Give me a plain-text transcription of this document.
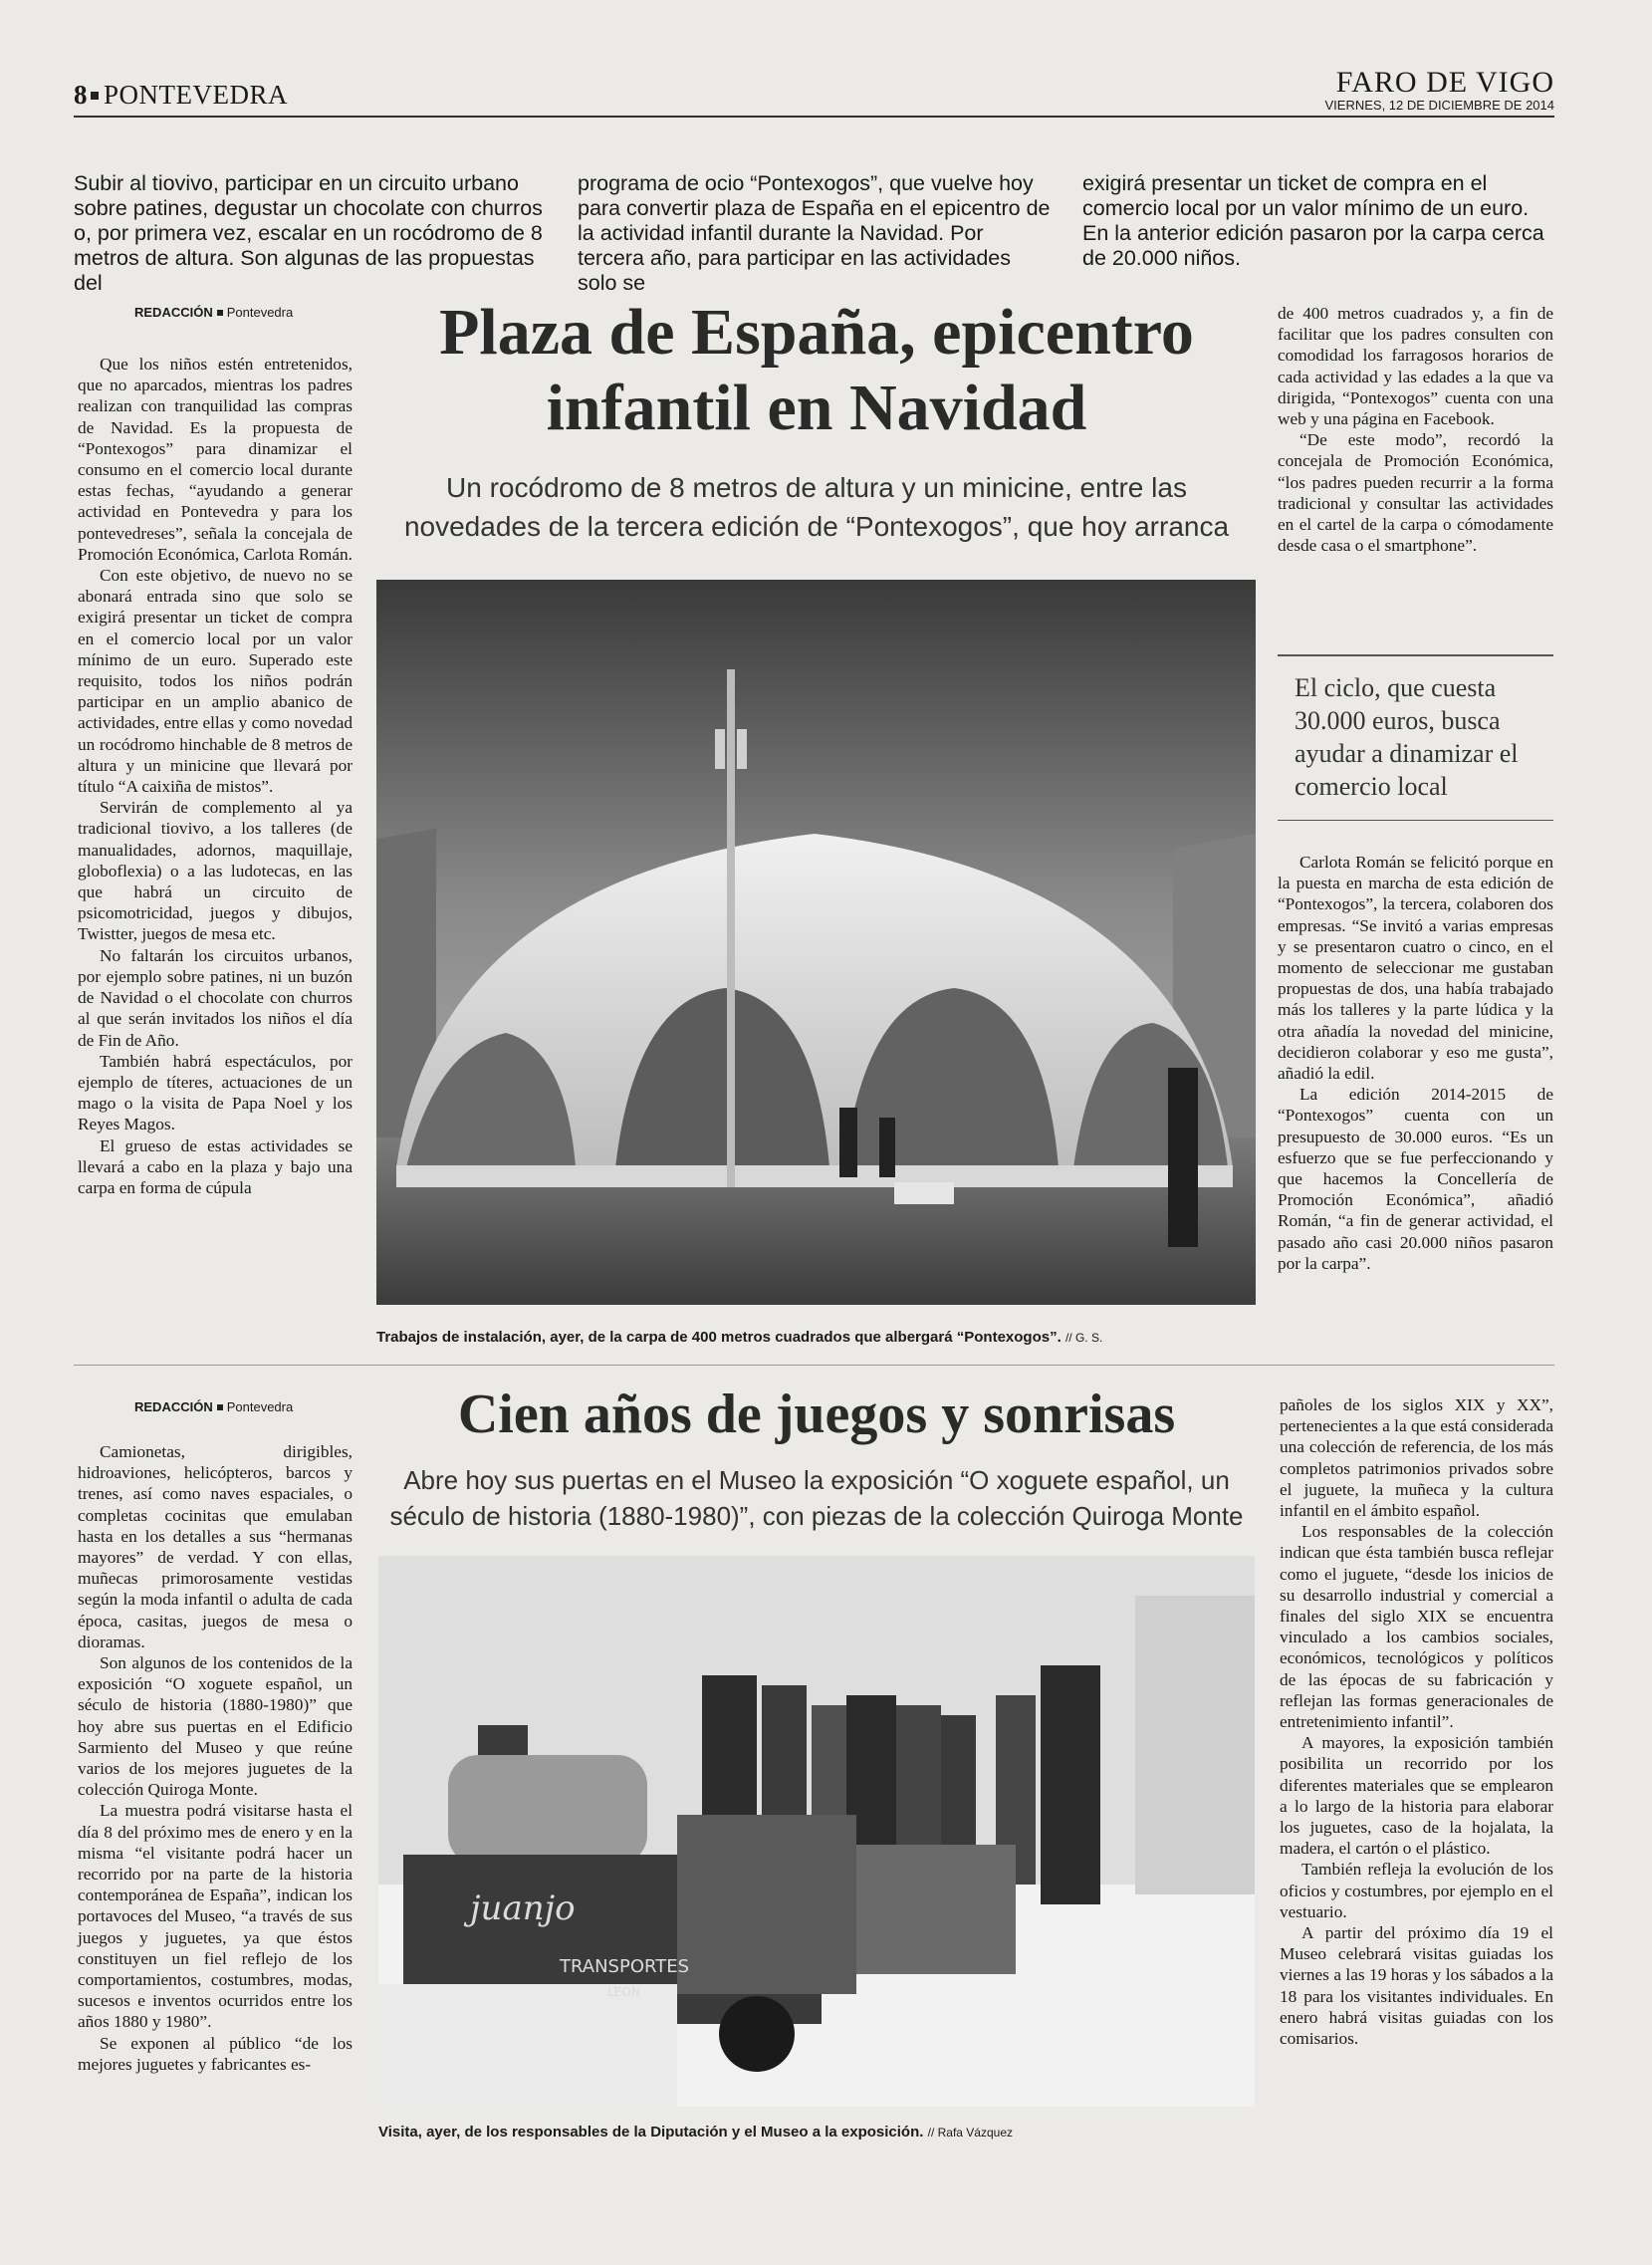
8 PONTEVEDRA	FARO DE VIGO
VIERNES, 12 DE DICIEMBRE DE 2014
Subir al tiovivo, participar en un circuito urbano sobre patines, degustar un chocolate con churros o, por primera vez, escalar en un rocódromo de 8 metros de altura. Son algunas de las propuestas del
programa de ocio “Pontexogos”, que vuelve hoy para convertir plaza de España en el epicentro de la actividad infantil durante la Navidad. Por tercera año, para participar en las actividades solo se
exigirá presentar un ticket de compra en el comercio local por un valor mínimo de un euro. En la anterior edición pasaron por la carpa cerca de 20.000 niños.
REDACCIÓN Pontevedra	Plaza de España, epicentro
infantil en Navidad
Un rocódromo de 8 metros de altura y un minicine, entre las
novedades de la tercera edición de “Pontexogos”, que hoy arranca

Que los niños estén entretenidos, que no aparcados, mientras los padres realizan con tranquilidad las compras de Navidad. Es la propuesta de “Pontexogos” para dinamizar el consumo en el comercio local durante estas fechas, “ayudando a generar actividad en Pontevedra y para los pontevedreses”, señala la concejala de Promoción Económica, Carlota Román.

Con este objetivo, de nuevo no se abonará entrada sino que solo se exigirá presentar un ticket de compra en el comercio local por un valor mínimo de un euro. Superado este requisito, todos los niños podrán participar en un amplio abanico de actividades, entre ellas y como novedad un rocódromo hinchable de 8 metros de altura y un minicine que llevará por título “A caixiña de mistos”.

Servirán de complemento al ya tradicional tiovivo, a los talleres (de manualidades, adornos, maquillaje, globoflexia) o a las ludotecas, en las que habrá un circuito de psicomotricidad, juegos y dibujos, Twistter, juegos de mesa etc.

No faltarán los circuitos urbanos, por ejemplo sobre patines, ni un buzón de Navidad o el chocolate con churros al que serán invitados los niños el día de Fin de Año.

También habrá espectáculos, por ejemplo de títeres, actuaciones de un mago o la visita de Papa Noel y los Reyes Magos.

El grueso de estas actividades se llevará a cabo en la plaza y bajo una carpa en forma de cúpula

Trabajos de instalación, ayer, de la carpa de 400 metros cuadrados que albergará “Pontexogos”. // G. S.

de 400 metros cuadrados y, a fin de facilitar que los padres consulten con comodidad los farragosos horarios de cada actividad y las edades a la que va dirigida, “Pontexogos” cuenta con una web y una página en Facebook.

“De este modo”, recordó la concejala de Promoción Económica, “los padres pueden recurrir a la forma tradicional y consultar las actividades en el cartel de la carpa o cómodamente desde casa o el smartphone”.

El ciclo, que cuesta 30.000 euros, busca ayudar a dinamizar el comercio local

Carlota Román se felicitó porque en la puesta en marcha de esta edición de “Pontexogos”, la tercera, colaboren dos empresas. “Se invitó a varias empresas y se presentaron cuatro o cinco, en el momento de seleccionar me gustaban propuestas de dos, una había trabajado más los talleres y la parte lúdica y la otra añadía la novedad del minicine, decidieron colaborar y eso me gusta”, añadió la edil.

La edición 2014-2015 de “Pontexogos” cuenta con un presupuesto de 30.000 euros. “Es un esfuerzo que se fue perfeccionando y que hacemos la Concellería de Promoción Económica”, añadió Román, “a fin de generar actividad, el pasado año casi 20.000 niños pasaron por la carpa”.

REDACCIÓN Pontevedra	Cien años de juegos y sonrisas
Abre hoy sus puertas en el Museo la exposición “O xoguete español, un
século de historia (1880-1980)”, con piezas de la colección Quiroga Monte

Camionetas, dirigibles, hidroaviones, helicópteros, barcos y trenes, así como naves espaciales, o completas cocinitas que emulaban hasta en los detalles a sus “hermanas mayores” de verdad. Y con ellas, muñecas primorosamente vestidas según la moda infantil o adulta de cada época, casitas, juegos de mesa o dioramas.

Son algunos de los contenidos de la exposición “O xoguete español, un século de historia (1880-1980)” que hoy abre sus puertas en el Edificio Sarmiento del Museo y que reúne varios de los mejores juguetes de la colección Quiroga Monte.

La muestra podrá visitarse hasta el día 8 del próximo mes de enero y en la misma “el visitante podrá hacer un recorrido por na parte de la historia contemporánea de España”, indican los portavoces del Museo, “a través de sus juegos y juguetes, ya que éstos constituyen un fiel reflejo de los comportamientos, costumbres, modas, sucesos e inventos ocurridos entre los años 1880 y 1980”.

Se exponen al público “de los mejores juguetes y fabricantes es-

juanjo
TRANSPORTES
LEON
Visita, ayer, de los responsables de la Diputación y el Museo a la exposición. // Rafa Vázquez

pañoles de los siglos XIX y XX”, pertenecientes a la que está considerada una colección de referencia, de los más completos patrimonios privados sobre el juguete, la muñeca y la cultura infantil en el ámbito español.

Los responsables de la colección indican que ésta también busca reflejar como el juguete, “desde los inicios de su desarrollo industrial y comercial a finales del siglo XIX se encuentra vinculado a los cambios sociales, económicos, tecnológicos y políticos de las épocas de su fabricación y reflejan las formas generacionales de entretenimiento infantil”.

A mayores, la exposición también posibilita un recorrido por los diferentes materiales que se emplearon a lo largo de la historia para elaborar los juguetes, caso de la hojalata, la madera, el cartón o el plástico.

También refleja la evolución de los oficios y costumbres, por ejemplo en el vestuario.

A partir del próximo día 19 el Museo celebrará visitas guiadas los viernes a las 19 horas y los sábados a la 18 para los visitantes individuales. En enero habrá visitas guiadas con los comisarios.
